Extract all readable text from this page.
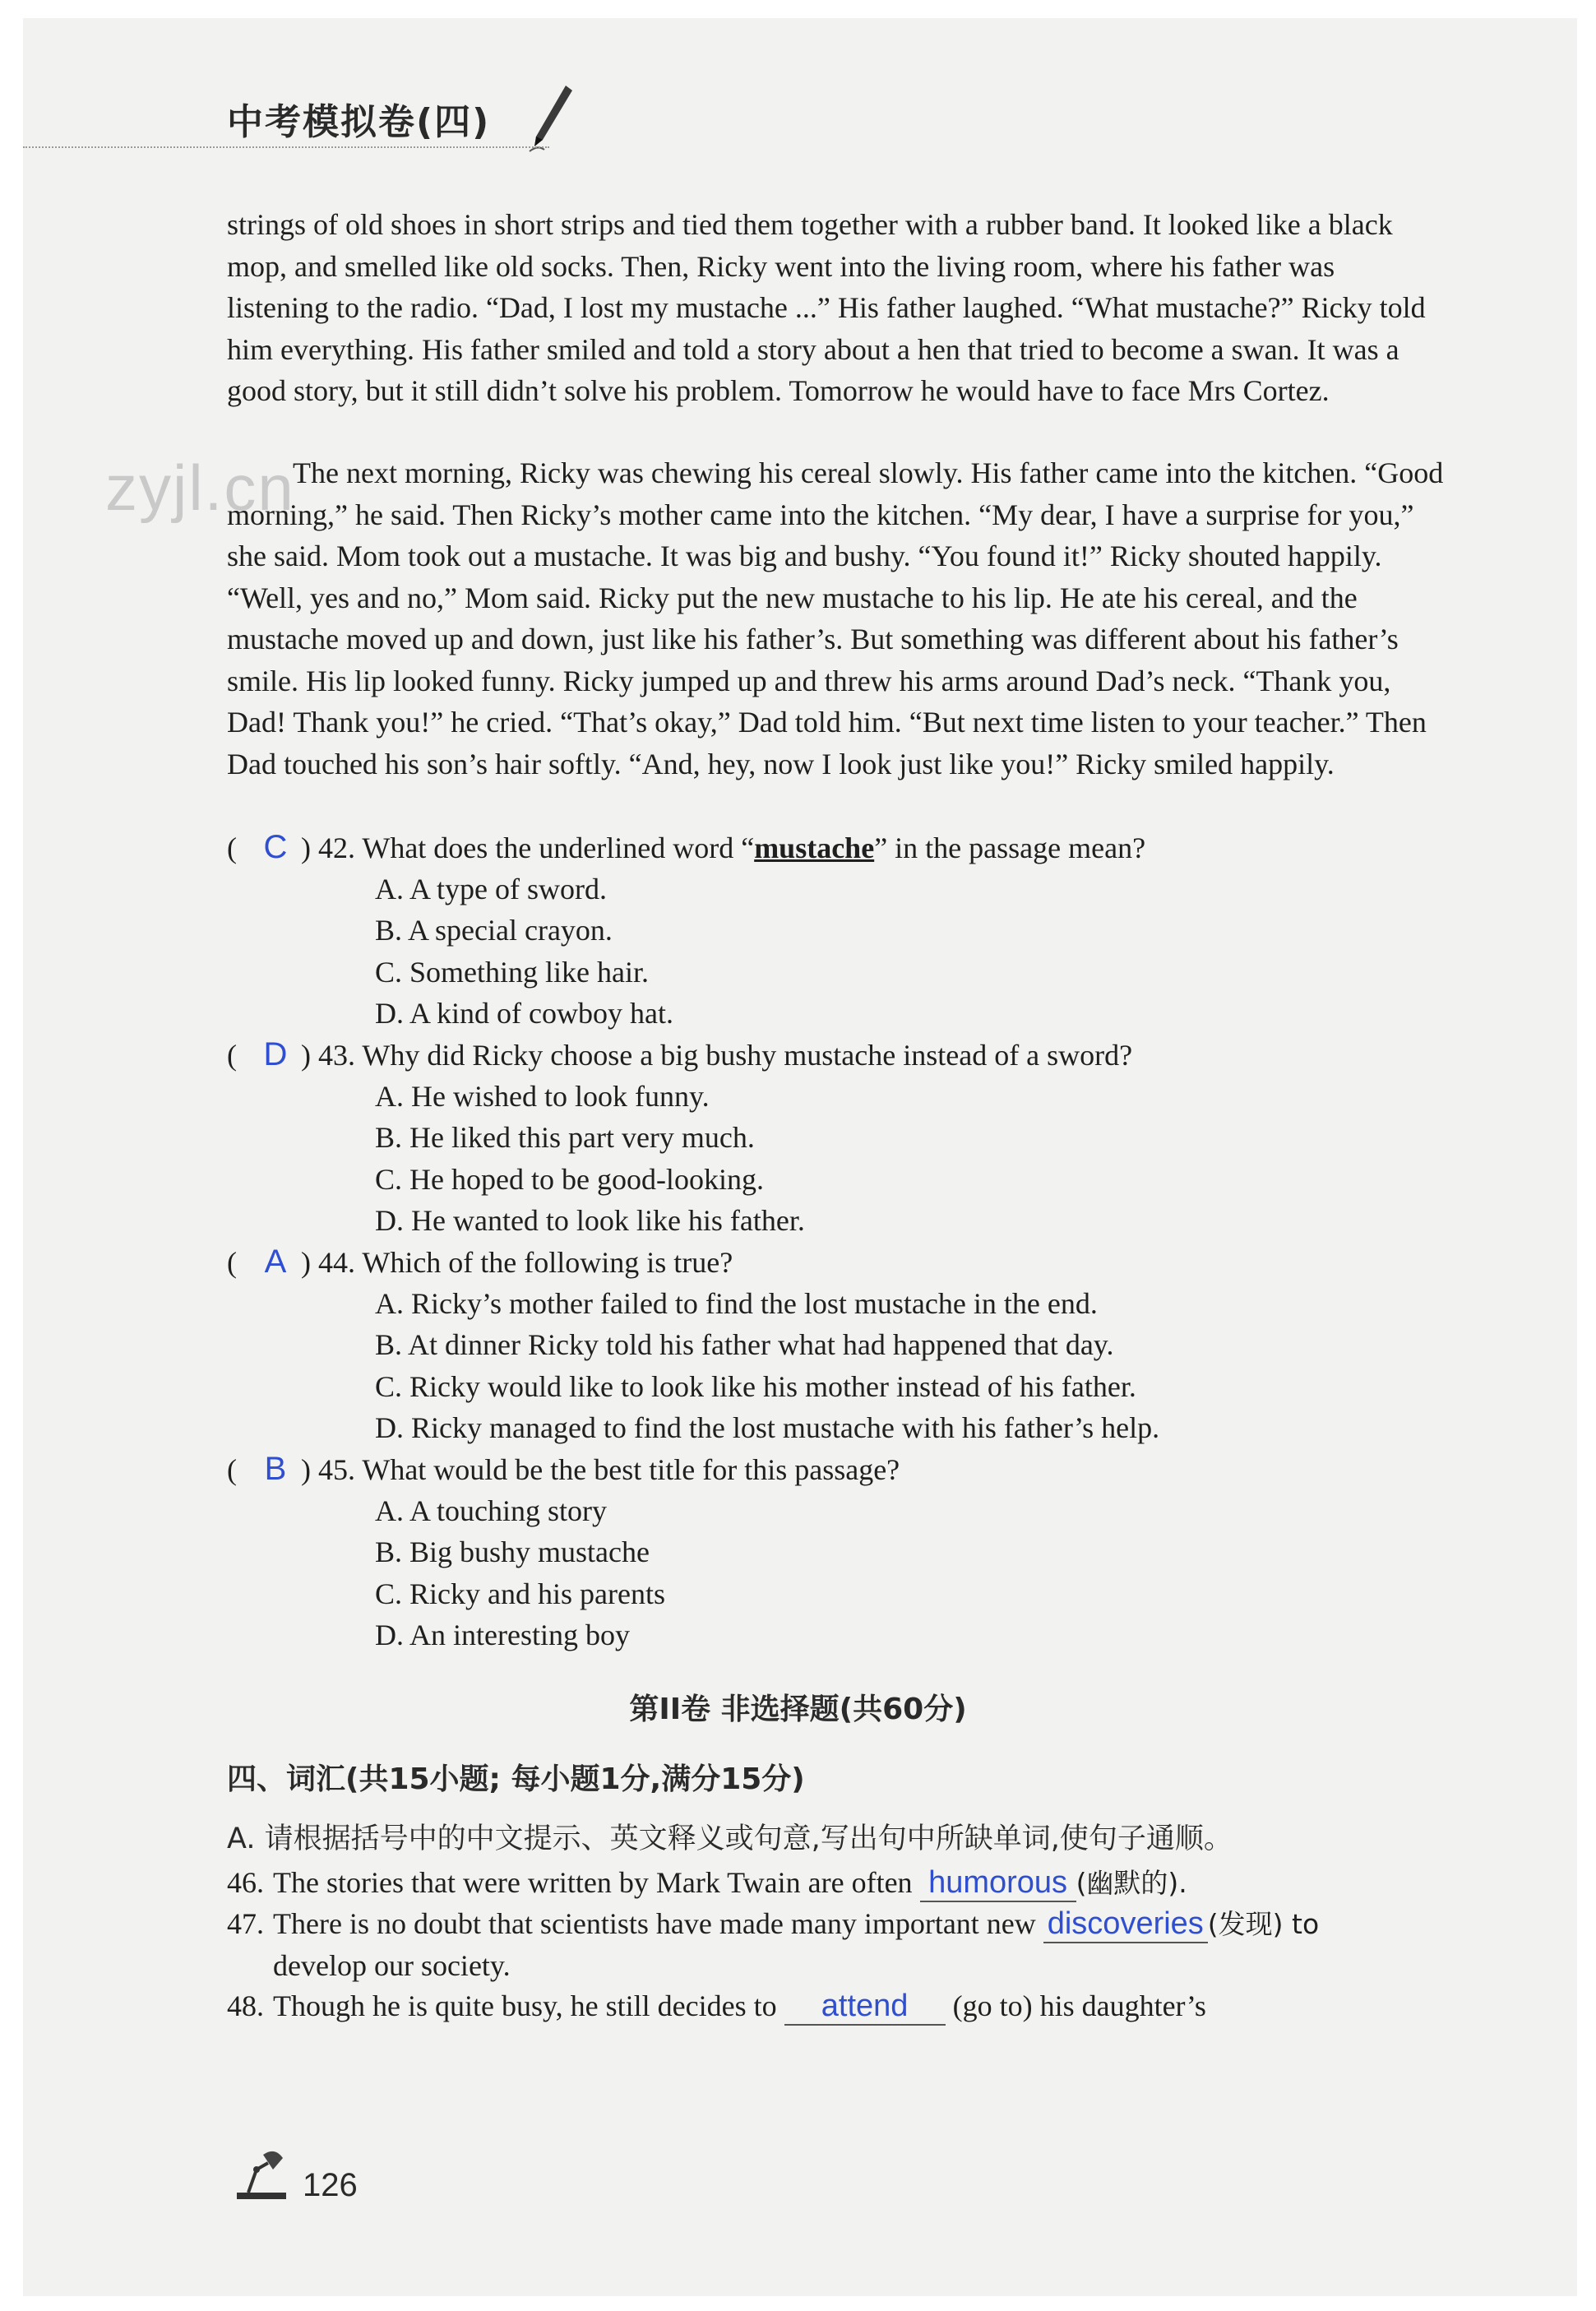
中考模拟卷(四)
zyjl.cn

strings of old shoes in short strips and tied them together with a rubber band. It looked like a black mop, and smelled like old socks. Then, Ricky went into the living room, where his father was listening to the radio. “Dad, I lost my mustache ...” His father laughed. “What mustache?” Ricky told him everything. His father smiled and told a story about a hen that tried to become a swan. It was a good story, but it still didn’t solve his problem. Tomorrow he would have to face Mrs Cortez.

The next morning, Ricky was chewing his cereal slowly. His father came into the kitchen. “Good morning,” he said. Then Ricky’s mother came into the kitchen. “My dear, I have a surprise for you,” she said. Mom took out a mustache. It was big and bushy. “You found it!” Ricky shouted happily. “Well, yes and no,” Mom said. Ricky put the new mustache to his lip. He ate his cereal, and the mustache moved up and down, just like his father’s. But something was different about his father’s smile. His lip looked funny. Ricky jumped up and threw his arms around Dad’s neck. “Thank you, Dad! Thank you!” he cried. “That’s okay,” Dad told him. “But next time listen to your teacher.” Then Dad touched his son’s hair softly. “And, hey, now I look just like you!” Ricky smiled happily.

( C ) 42. What does the underlined word “mustache” in the passage mean?
A. A type of sword.
B. A special crayon.
C. Something like hair.
D. A kind of cowboy hat.
( D ) 43. Why did Ricky choose a big bushy mustache instead of a sword?
A. He wished to look funny.
B. He liked this part very much.
C. He hoped to be good-looking.
D. He wanted to look like his father.
( A ) 44. Which of the following is true?
A. Ricky’s mother failed to find the lost mustache in the end.
B. At dinner Ricky told his father what had happened that day.
C. Ricky would like to look like his mother instead of his father.
D. Ricky managed to find the lost mustache with his father’s help.
( B ) 45. What would be the best title for this passage?
A. A touching story
B. Big bushy mustache
C. Ricky and his parents
D. An interesting boy
第II卷 非选择题(共60分)
四、词汇(共15小题; 每小题1分,满分15分)
A. 请根据括号中的中文提示、英文释义或句意,写出句中所缺单词,使句子通顺。
46. The stories that were written by Mark Twain are often humorous (幽默的).
47. There is no doubt that scientists have made many important new discoveries (发现) to
develop our society.
48. Though he is quite busy, he still decides to attend (go to) his daughter’s
126
